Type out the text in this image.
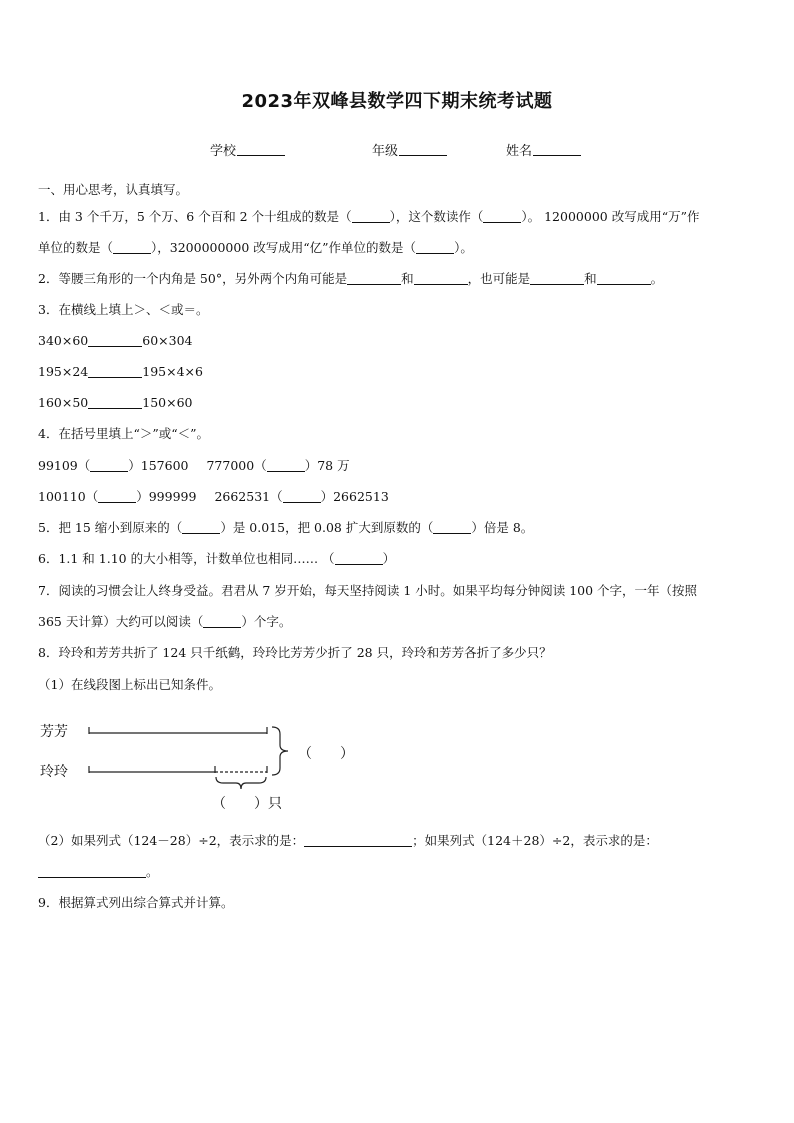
2023年双峰县数学四下期末统考试题
学校	年级	姓名
一、用心思考，认真填写。
1．由 3 个千万，5 个万、6 个百和 2 个十组成的数是（	），这个数读作（	）。 12000000 改写成用“万”作
单位的数是（	），3200000000 改写成用“亿”作单位的数是（	）。
2．等腰三角形的一个内角是 50°，另外两个内角可能是	和	，也可能是	和	。
3．在横线上填上＞、＜或＝。
340×60	60×304
195×24	195×4×6
160×50	150×60
4．在括号里填上“＞”或“＜”。
99109（	）157600 777000（	）78 万
100110（	）999999 2662531（	）2662513
5．把 15 缩小到原来的（	）是 0.015，把 0.08 扩大到原数的（	）倍是 8。
6．1.1 和 1.10 的大小相等，计数单位也相同…… （	）
7．阅读的习惯会让人终身受益。君君从 7 岁开始，每天坚持阅读 1 小时。如果平均每分钟阅读 100 个字，一年（按照
365 天计算）大约可以阅读（	）个字。
8．玲玲和芳芳共折了 124 只千纸鹤，玲玲比芳芳少折了 28 只，玲玲和芳芳各折了多少只？
（1）在线段图上标出已知条件。
芳芳
玲玲
（　　）
（　　）只
（2）如果列式（124－28）÷2，表示求的是：	；如果列式（124＋28）÷2，表示求的是：
。
9．根据算式列出综合算式并计算。
